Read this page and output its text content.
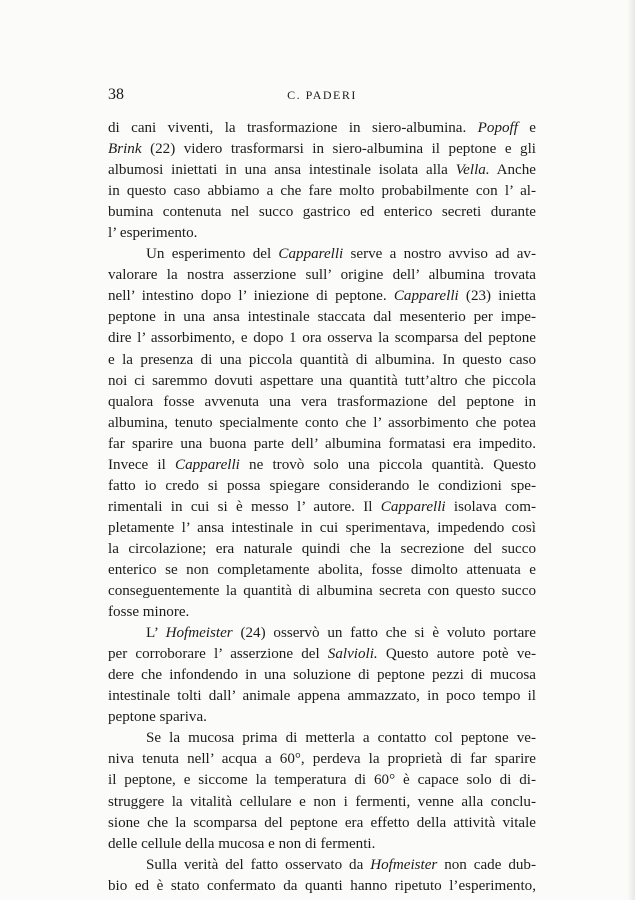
38	C. PADERI
di cani viventi, la trasformazione in siero-albumina. Popoff e
Brink (22) videro trasformarsi in siero-albumina il peptone e gli
albumosi iniettati in una ansa intestinale isolata alla Vella. Anche
in questo caso abbiamo a che fare molto probabilmente con l’ al-
bumina contenuta nel succo gastrico ed enterico secreti durante
l’ esperimento.
Un esperimento del Capparelli serve a nostro avviso ad av-
valorare la nostra asserzione sull’ origine dell’ albumina trovata
nell’ intestino dopo l’ iniezione di peptone. Capparelli (23) inietta
peptone in una ansa intestinale staccata dal mesenterio per impe-
dire l’ assorbimento, e dopo 1 ora osserva la scomparsa del peptone
e la presenza di una piccola quantità di albumina. In questo caso
noi ci saremmo dovuti aspettare una quantità tutt’altro che piccola
qualora fosse avvenuta una vera trasformazione del peptone in
albumina, tenuto specialmente conto che l’ assorbimento che potea
far sparire una buona parte dell’ albumina formatasi era impedito.
Invece il Capparelli ne trovò solo una piccola quantità. Questo
fatto io credo si possa spiegare considerando le condizioni spe-
rimentali in cui si è messo l’ autore. Il Capparelli isolava com-
pletamente l’ ansa intestinale in cui sperimentava, impedendo così
la circolazione; era naturale quindi che la secrezione del succo
enterico se non completamente abolita, fosse dimolto attenuata e
conseguentemente la quantità di albumina secreta con questo succo
fosse minore.
L’ Hofmeister (24) osservò un fatto che si è voluto portare
per corroborare l’ asserzione del Salvioli. Questo autore potè ve-
dere che infondendo in una soluzione di peptone pezzi di mucosa
intestinale tolti dall’ animale appena ammazzato, in poco tempo il
peptone spariva.
Se la mucosa prima di metterla a contatto col peptone ve-
niva tenuta nell’ acqua a 60°, perdeva la proprietà di far sparire
il peptone, e siccome la temperatura di 60° è capace solo di di-
struggere la vitalità cellulare e non i fermenti, venne alla conclu-
sione che la scomparsa del peptone era effetto della attività vitale
delle cellule della mucosa e non di fermenti.
Sulla verità del fatto osservato da Hofmeister non cade dub-
bio ed è stato confermato da quanti hanno ripetuto l’esperimento,
